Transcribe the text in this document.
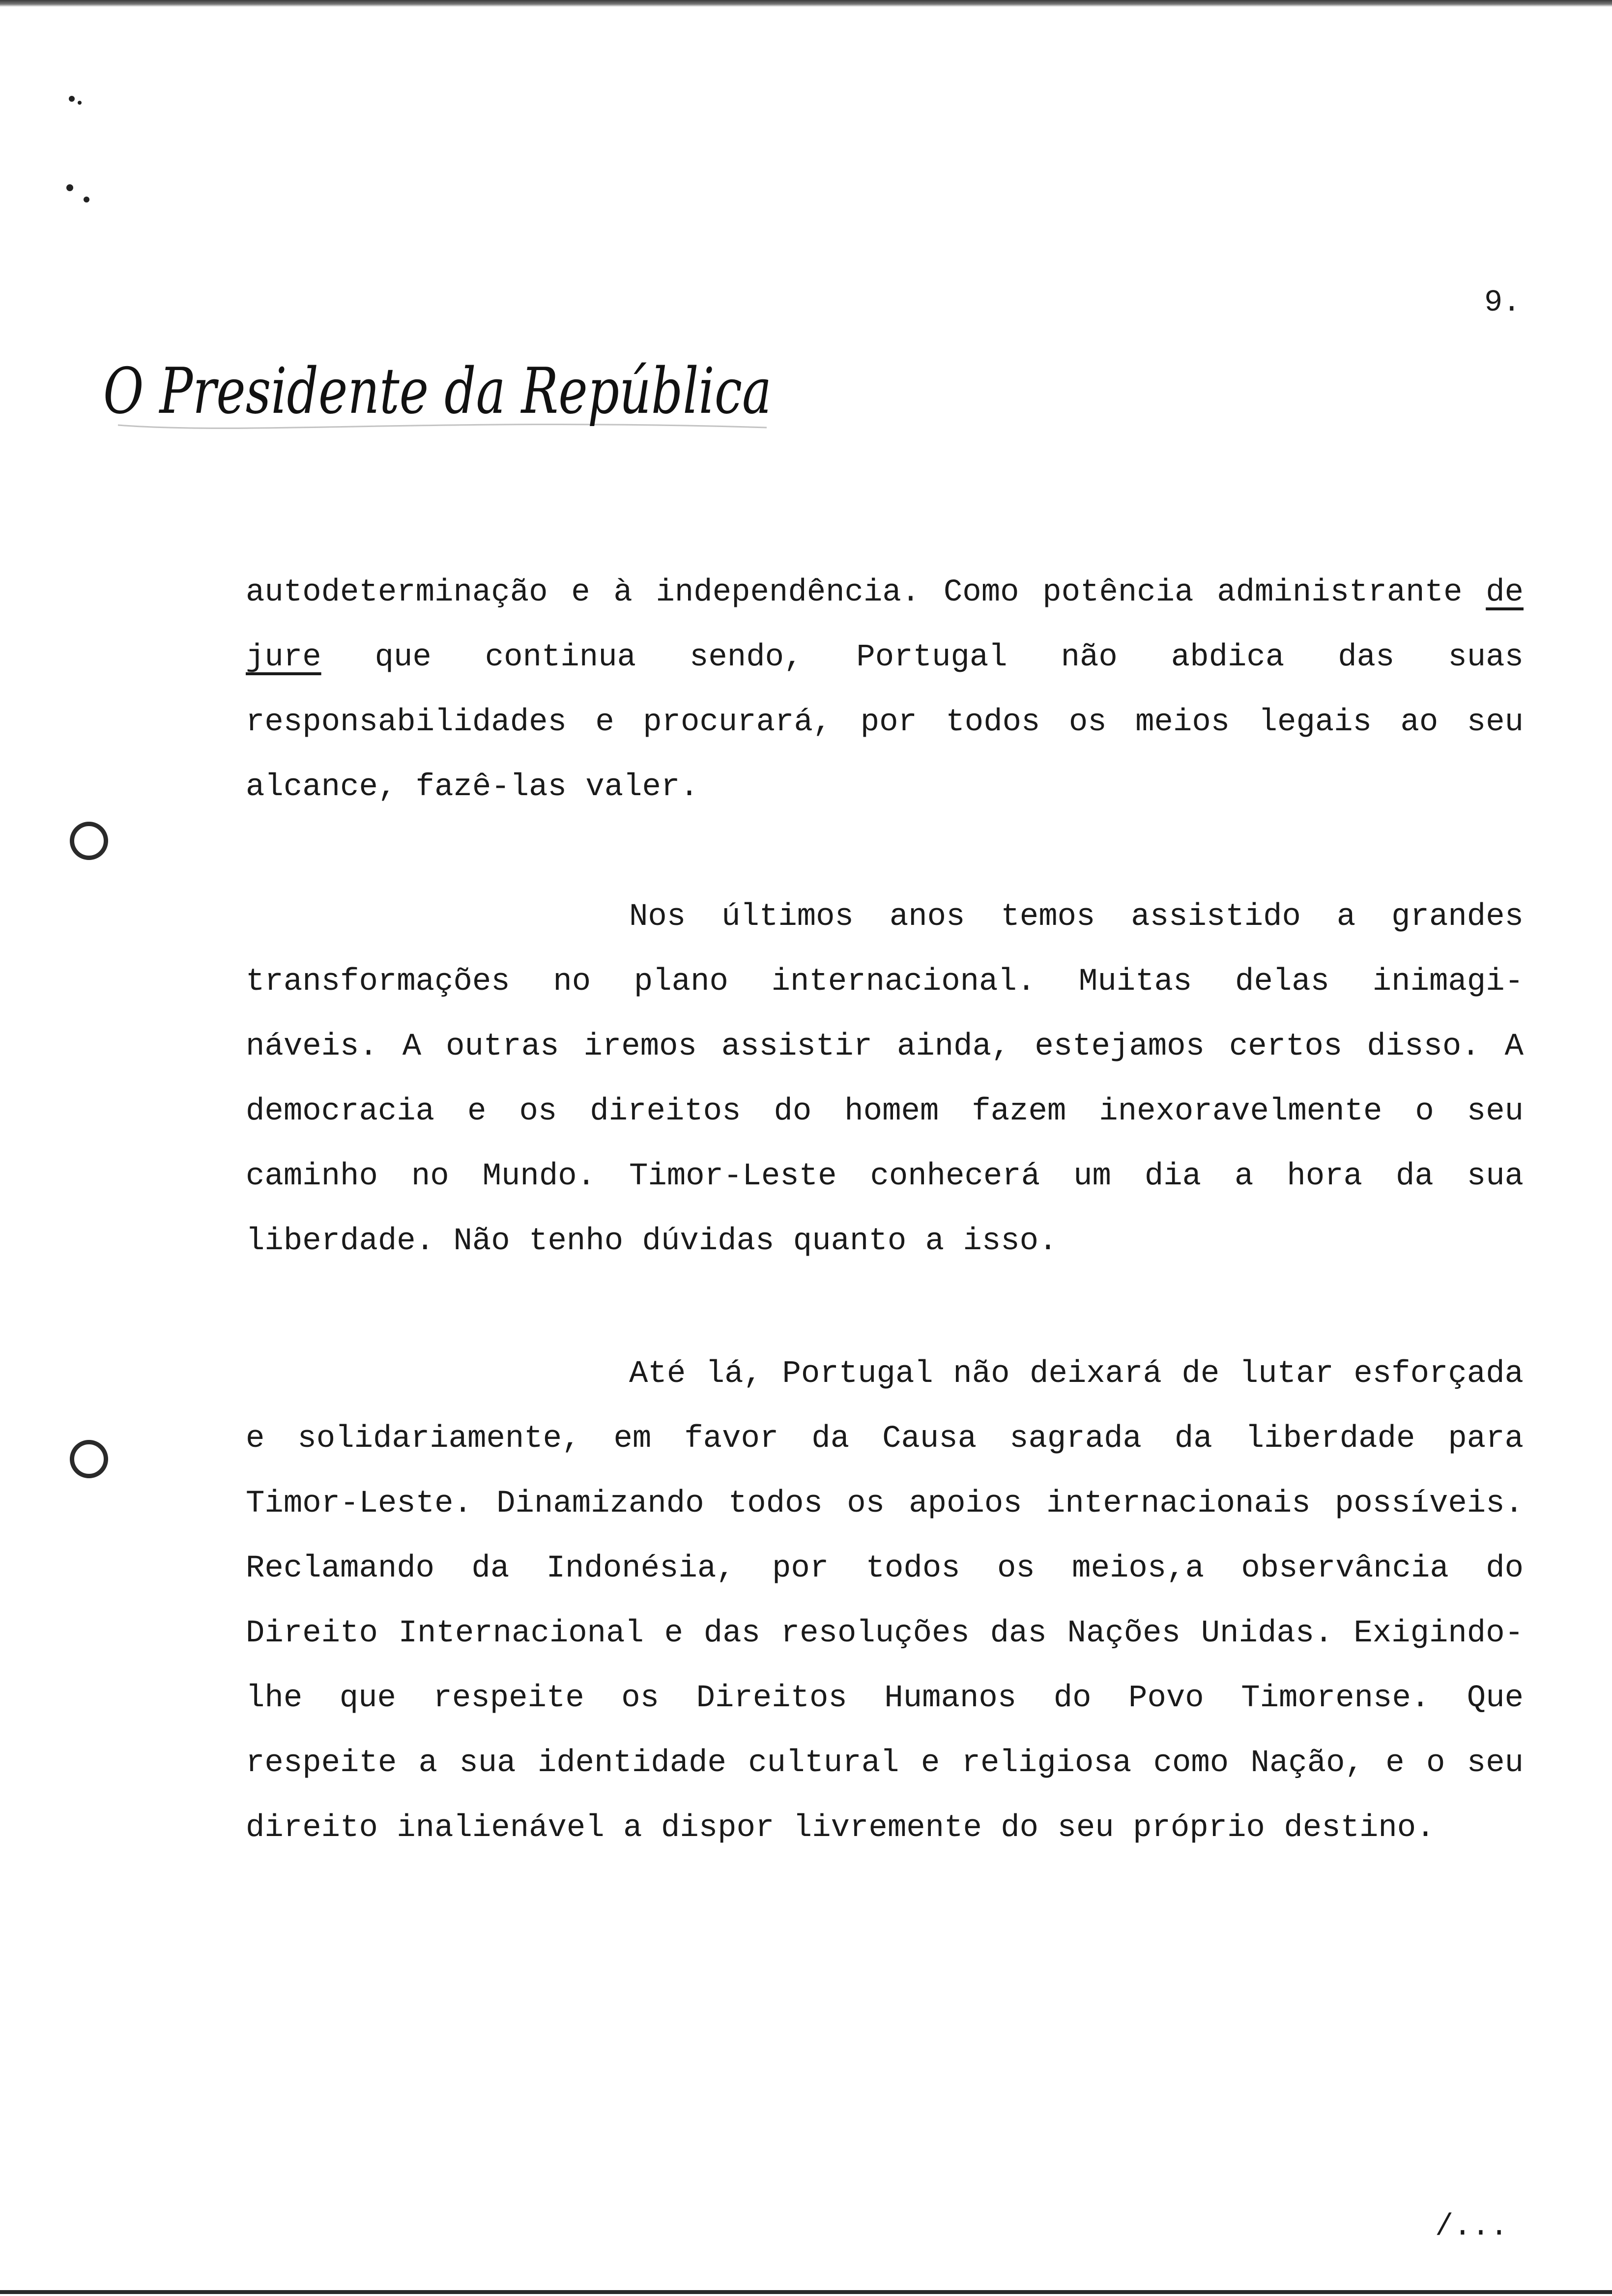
9.
O Presidente da República

autodeterminação e à independência. Como potência administrante de jure que continua sendo, Portugal não abdica das suas responsabilidades e procurará, por todos os meios legais ao seu alcance, fazê-las valer.

Nos últimos anos temos assistido a grandes transformações no plano internacional. Muitas delas inimagi- náveis. A outras iremos assistir ainda, estejamos certos disso. A democracia e os direitos do homem fazem inexoravelmente o seu caminho no Mundo. Timor-Leste conhecerá um dia a hora da sua liberdade. Não tenho dúvidas quanto a isso.

Até lá, Portugal não deixará de lutar esforçada e solidariamente, em favor da Causa sagrada da liberdade para Timor-Leste. Dinamizando todos os apoios internacionais possíveis. Reclamando da Indonésia, por todos os meios,a observância do Direito Internacional e das resoluções das Nações Unidas. Exigindo-lhe que respeite os Direitos Humanos do Povo Timorense. Que respeite a sua identidade cultural e religiosa como Nação, e o seu direito inalienável a dispor livremente do seu próprio destino.

/...
